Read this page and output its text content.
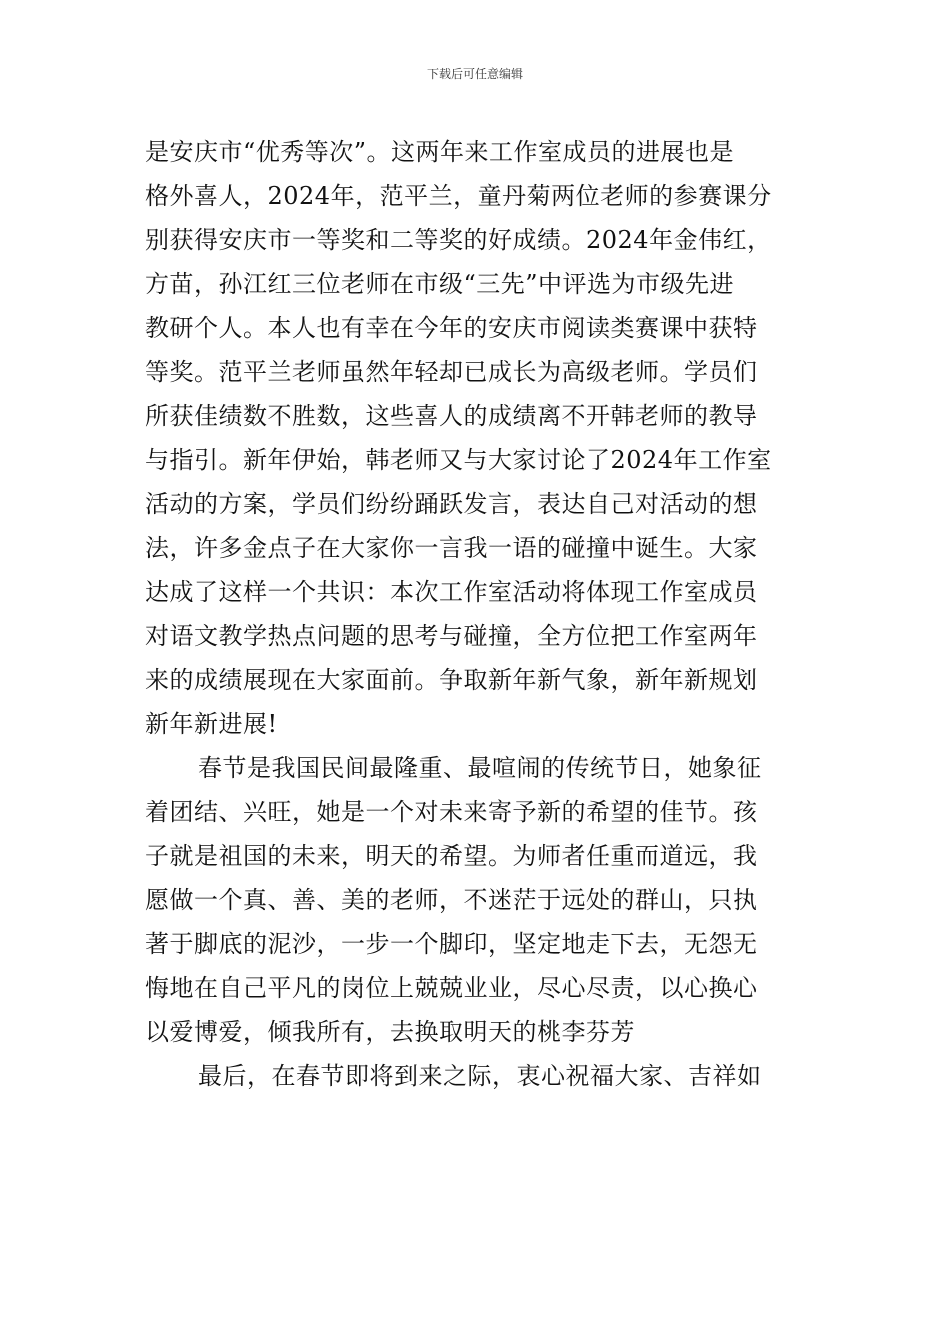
下载后可任意编辑
是安庆市“优秀等次”。这两年来工作室成员的进展也是
格外喜人，2024年，范平兰，童丹菊两位老师的参赛课分
别获得安庆市一等奖和二等奖的好成绩。2024年金伟红，
方苗，孙江红三位老师在市级“三先”中评选为市级先进
教研个人。本人也有幸在今年的安庆市阅读类赛课中获特
等奖。范平兰老师虽然年轻却已成长为高级老师。学员们
所获佳绩数不胜数，这些喜人的成绩离不开韩老师的教导
与指引。新年伊始，韩老师又与大家讨论了2024年工作室
活动的方案，学员们纷纷踊跃发言，表达自己对活动的想
法，许多金点子在大家你一言我一语的碰撞中诞生。大家
达成了这样一个共识：本次工作室活动将体现工作室成员
对语文教学热点问题的思考与碰撞，全方位把工作室两年
来的成绩展现在大家面前。争取新年新气象，新年新规划
新年新进展!
春节是我国民间最隆重、最喧闹的传统节日，她象征
着团结、兴旺，她是一个对未来寄予新的希望的佳节。孩
子就是祖国的未来，明天的希望。为师者任重而道远，我
愿做一个真、善、美的老师，不迷茫于远处的群山，只执
著于脚底的泥沙，一步一个脚印，坚定地走下去，无怨无
悔地在自己平凡的岗位上兢兢业业，尽心尽责，以心换心
以爱博爱，倾我所有，去换取明天的桃李芬芳
最后，在春节即将到来之际，衷心祝福大家、吉祥如
